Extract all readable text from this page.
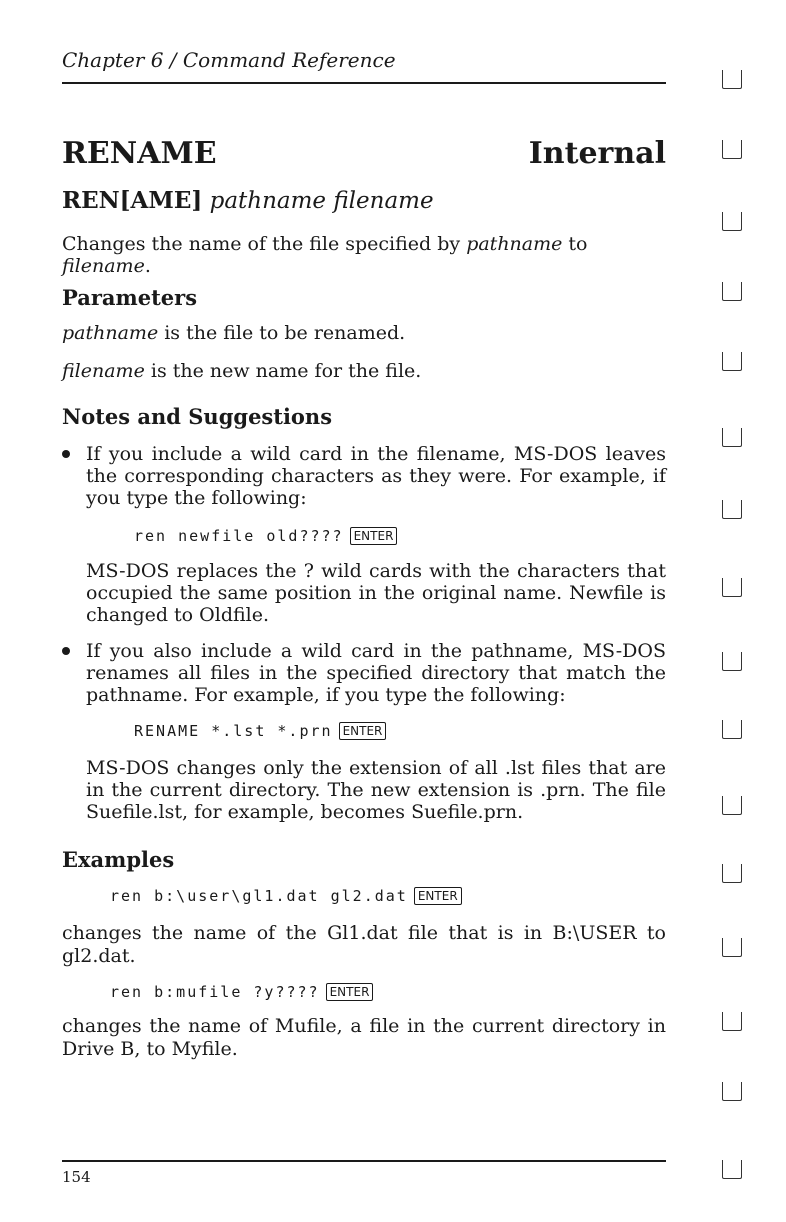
Chapter 6 / Command Reference
RENAME	Internal
REN[AME] pathname filename
Changes the name of the file specified by pathname to filename.
Parameters
pathname is the file to be renamed.
filename is the new name for the file.
Notes and Suggestions
If you include a wild card in the filename, MS-DOS leaves the corresponding characters as they were. For example, if you type the following:
ren newfile old???? ENTER
MS-DOS replaces the ? wild cards with the characters that occupied the same position in the original name. Newfile is changed to Oldfile.
If you also include a wild card in the pathname, MS-DOS renames all files in the specified directory that match the pathname. For example, if you type the following:
RENAME *.lst *.prn ENTER
MS-DOS changes only the extension of all .lst files that are in the current directory. The new extension is .prn. The file Suefile.lst, for example, becomes Suefile.prn.
Examples
ren b:\user\gl1.dat gl2.dat ENTER
changes the name of the Gl1.dat file that is in B:\USER to gl2.dat.
ren b:mufile ?y???? ENTER
changes the name of Mufile, a file in the current directory in Drive B, to Myfile.
154
